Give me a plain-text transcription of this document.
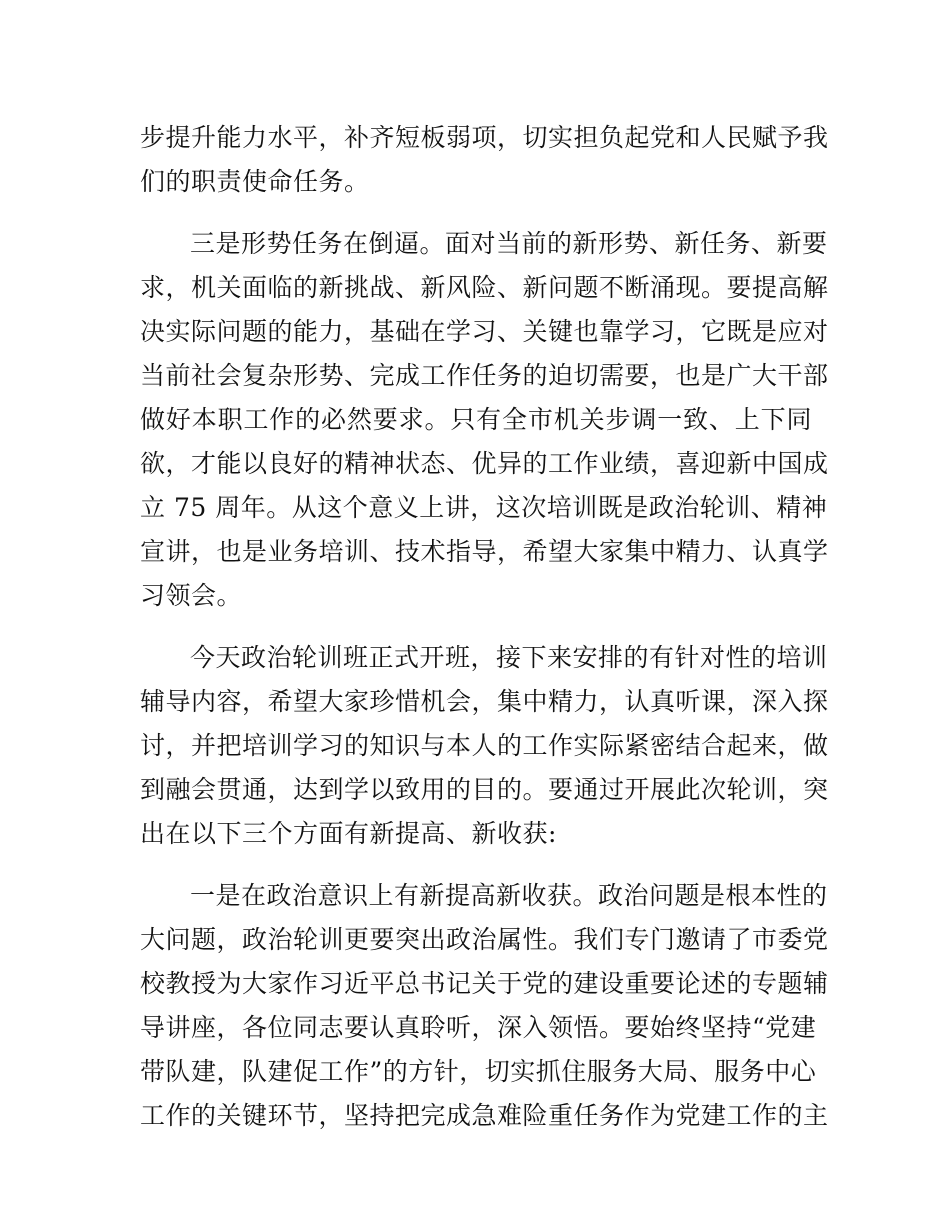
步提升能力水平，补齐短板弱项，切实担负起党和人民赋予我
们的职责使命任务。
三是形势任务在倒逼。面对当前的新形势、新任务、新要
求，机关面临的新挑战、新风险、新问题不断涌现。要提高解
决实际问题的能力，基础在学习、关键也靠学习，它既是应对
当前社会复杂形势、完成工作任务的迫切需要，也是广大干部
做好本职工作的必然要求。只有全市机关步调一致、上下同
欲，才能以良好的精神状态、优异的工作业绩，喜迎新中国成
立 75 周年。从这个意义上讲，这次培训既是政治轮训、精神
宣讲，也是业务培训、技术指导，希望大家集中精力、认真学
习领会。
今天政治轮训班正式开班，接下来安排的有针对性的培训
辅导内容，希望大家珍惜机会，集中精力，认真听课，深入探
讨，并把培训学习的知识与本人的工作实际紧密结合起来，做
到融会贯通，达到学以致用的目的。要通过开展此次轮训，突
出在以下三个方面有新提高、新收获:
一是在政治意识上有新提高新收获。政治问题是根本性的
大问题，政治轮训更要突出政治属性。我们专门邀请了市委党
校教授为大家作习近平总书记关于党的建设重要论述的专题辅
导讲座，各位同志要认真聆听，深入领悟。要始终坚持“党建
带队建，队建促工作”的方针，切实抓住服务大局、服务中心
工作的关键环节，坚持把完成急难险重任务作为党建工作的主
